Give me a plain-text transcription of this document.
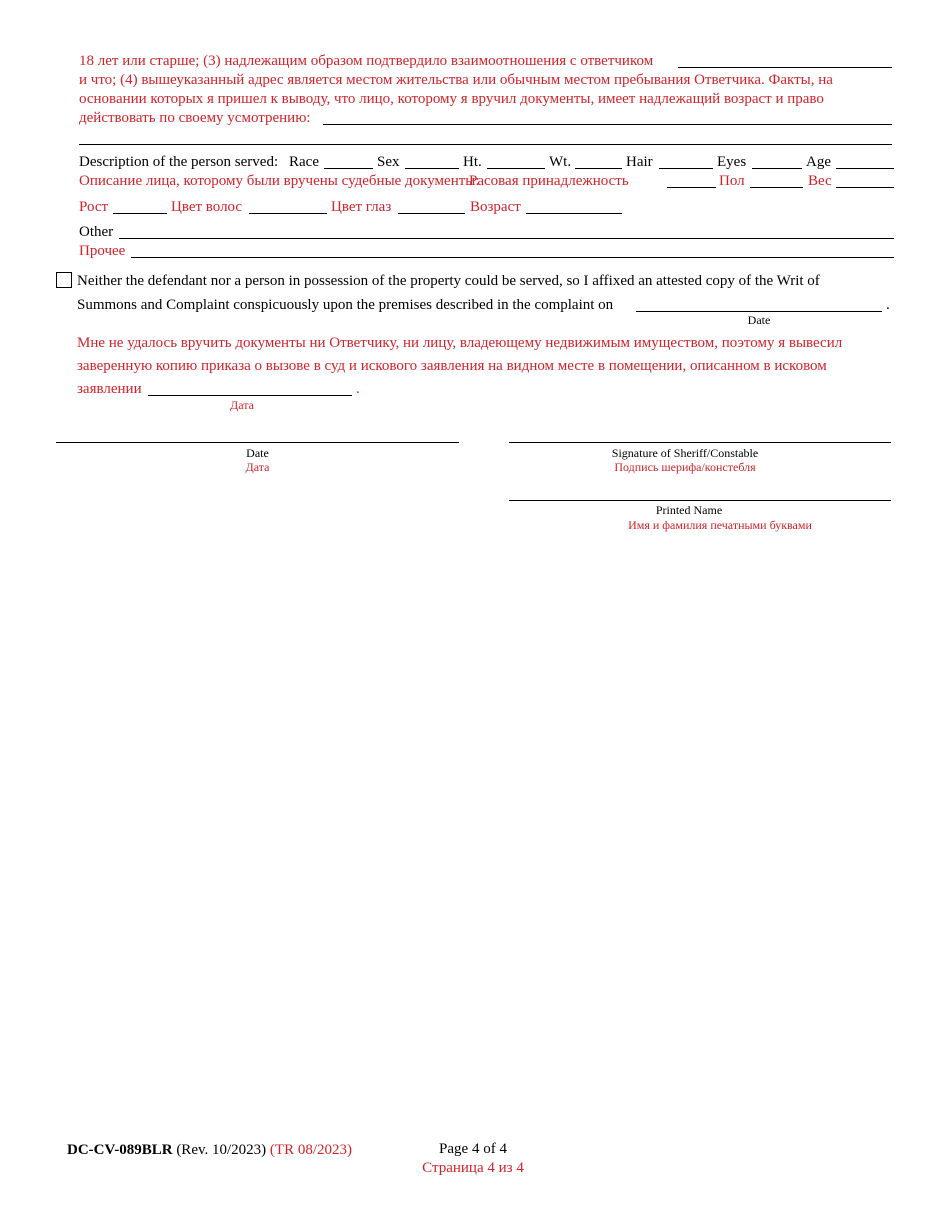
18 лет или старше; (3) надлежащим образом подтвердило взаимоотношения с ответчиком
и что; (4) вышеуказанный адрес является местом жительства или обычным местом пребывания Ответчика. Факты, на
основании которых я пришел к выводу, что лицо, которому я вручил документы, имеет надлежащий возраст и право
действовать по своему усмотрению:
Description of the person served: Race	Sex	Ht.	Wt.	Hair	Eyes	Age
Описание лица, которому были вручены судебные документы:
Расовая принадлежность	Пол	Вес
Рост	Цвет волос	Цвет глаз	Возраст
Other
Прочее
Neither the defendant nor a person in possession of the property could be served, so I affixed an attested copy of the Writ of
Summons and Complaint conspicuously upon the premises described in the complaint on	.
Date
Мне не удалось вручить документы ни Ответчику, ни лицу, владеющему недвижимым имуществом, поэтому я вывесил
заверенную копию приказа о вызове в суд и искового заявления на видном месте в помещении, описанном в исковом
заявлении	.
Дата
Date
Дата
Signature of Sheriff/Constable
Подпись шерифа/констебля
Printed Name
Имя и фамилия печатными буквами
DC-CV-089BLR (Rev. 10/2023) (TR 08/2023)	Page 4 of 4
Страница 4 из 4
